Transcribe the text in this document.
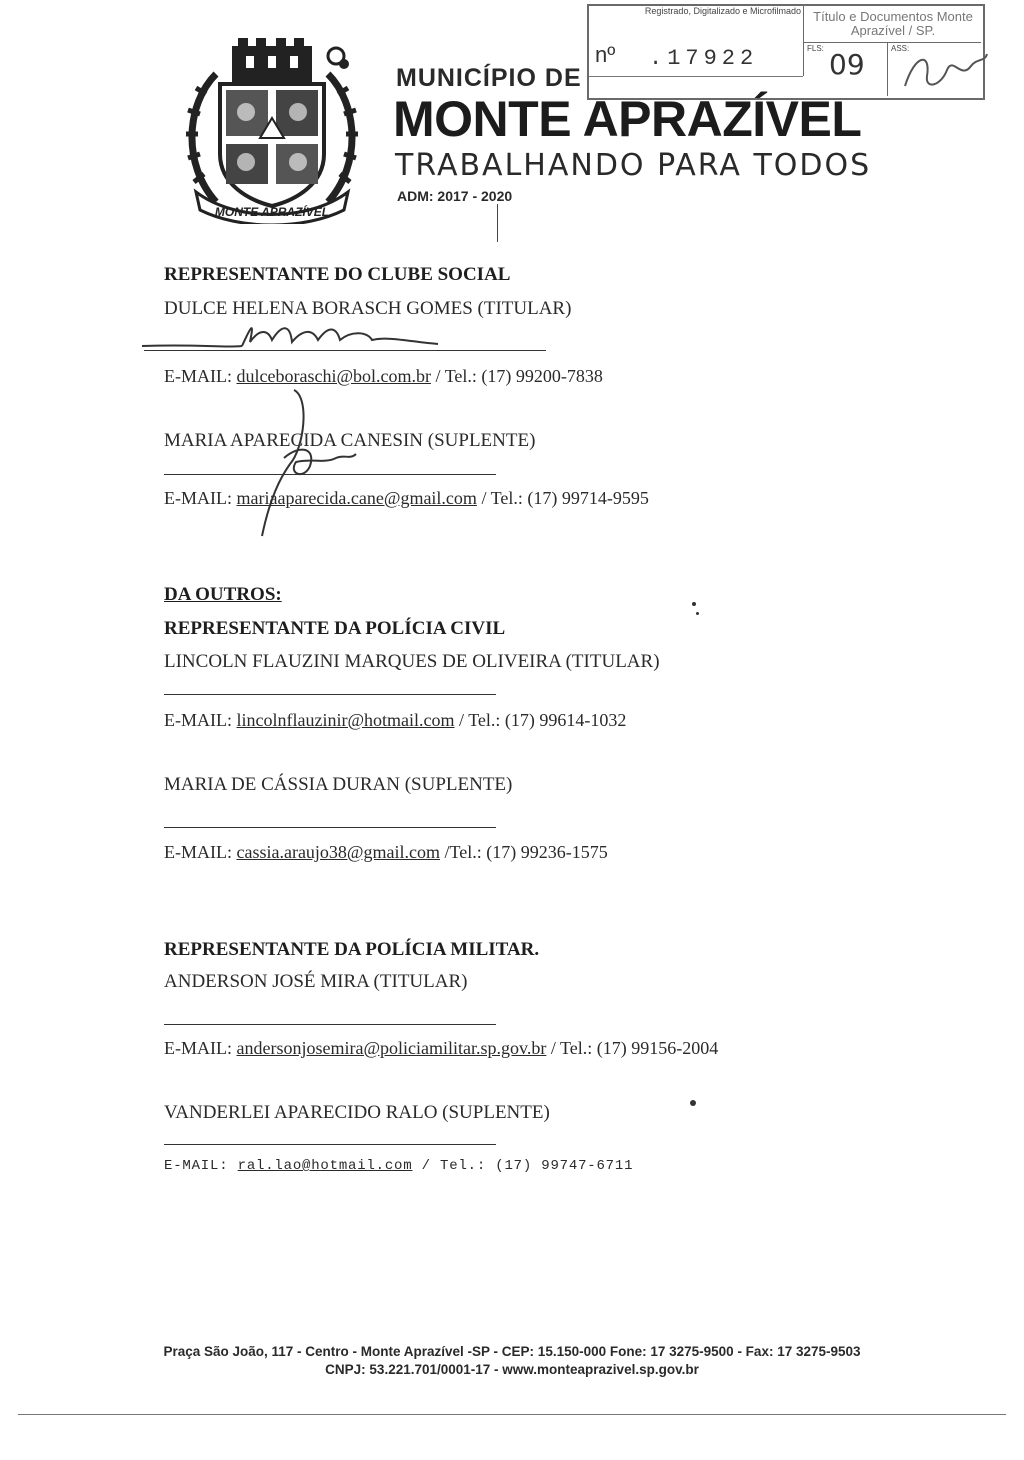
MONTE APRAZÍVEL
MUNICÍPIO DE
MONTE APRAZÍVEL
TRABALHANDO PARA TODOS
ADM: 2017 - 2020
Registrado, Digitalizado e Microfilmado Título e Documentos Monte Aprazível / SP.
nº .17922	FLS: 09	ASS:
REPRESENTANTE DO CLUBE SOCIAL
DULCE HELENA BORASCH GOMES (TITULAR)
E-MAIL: dulceboraschi@bol.com.br / Tel.: (17) 99200-7838
MARIA APARECIDA CANESIN (SUPLENTE)
E-MAIL: mariaaparecida.cane@gmail.com / Tel.: (17) 99714-9595
DA OUTROS:
REPRESENTANTE DA POLÍCIA CIVIL
LINCOLN FLAUZINI MARQUES DE OLIVEIRA (TITULAR)
E-MAIL: lincolnflauzinir@hotmail.com / Tel.: (17) 99614-1032
MARIA DE CÁSSIA DURAN (SUPLENTE)
E-MAIL: cassia.araujo38@gmail.com /Tel.: (17) 99236-1575
REPRESENTANTE DA POLÍCIA MILITAR.
ANDERSON JOSÉ MIRA (TITULAR)
E-MAIL: andersonjosemira@policiamilitar.sp.gov.br / Tel.: (17) 99156-2004
VANDERLEI APARECIDO RALO (SUPLENTE)
E-MAIL: ral.lao@hotmail.com / Tel.: (17) 99747-6711
Praça São João, 117 - Centro - Monte Aprazível -SP - CEP: 15.150-000 Fone: 17 3275-9500 - Fax: 17 3275-9503
CNPJ: 53.221.701/0001-17 - www.monteaprazivel.sp.gov.br
